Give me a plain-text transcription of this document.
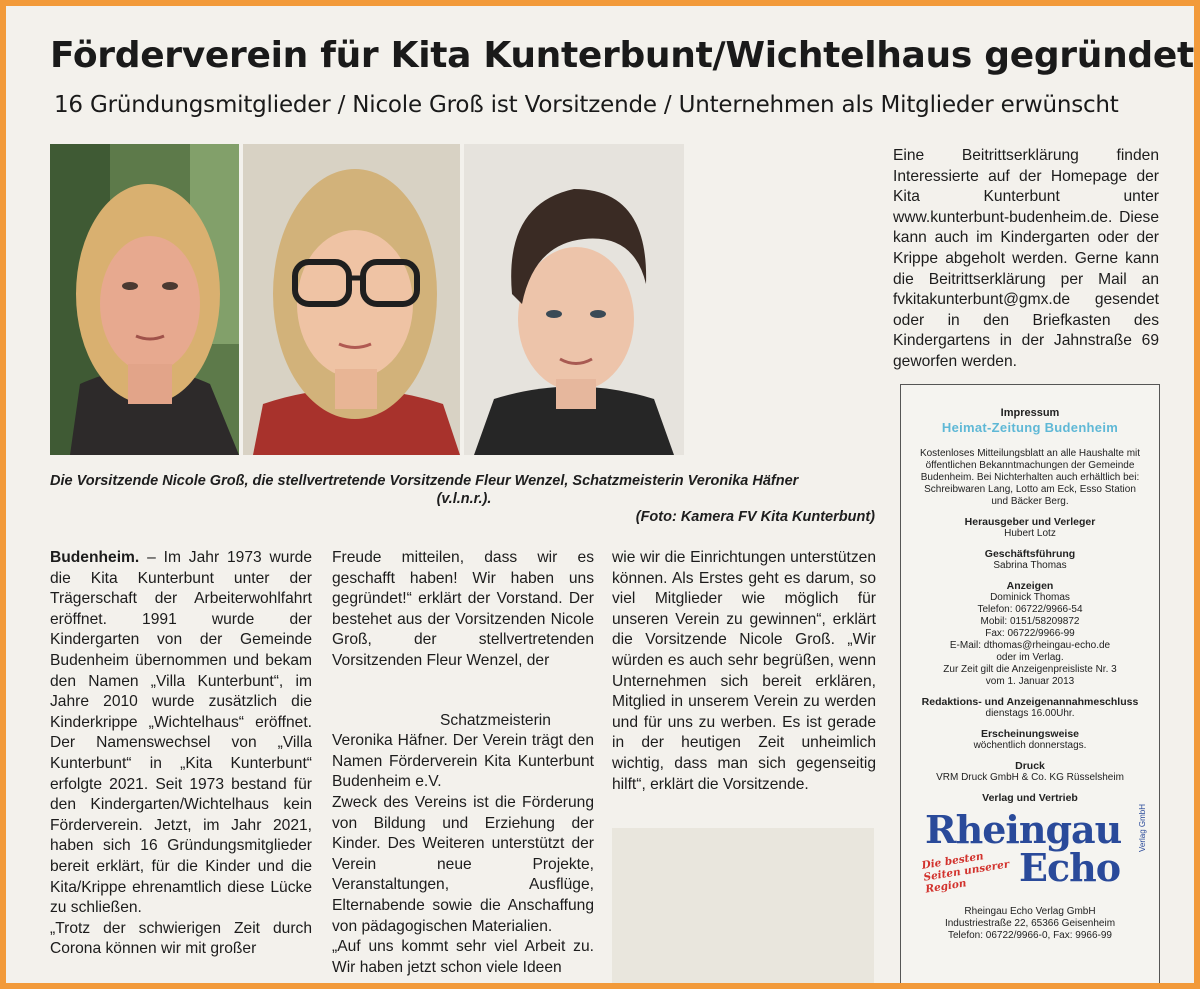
Förderverein für Kita Kunterbunt/Wichtelhaus gegründet
16 Gründungsmitglieder / Nicole Groß ist Vorsitzende / Unternehmen als Mitglieder erwünscht
Die Vorsitzende Nicole Groß, die stellvertretende Vorsitzende Fleur Wenzel, Schatzmeisterin Veronika Häfner
(v.l.n.r.).
(Foto: Kamera FV Kita Kunterbunt)

Budenheim. – Im Jahr 1973 wurde die Kita Kunterbunt unter der Trägerschaft der Arbeiterwohlfahrt eröffnet. 1991 wurde der Kindergarten von der Gemeinde Budenheim übernommen und bekam den Namen „Villa Kunterbunt“, im Jahre 2010 wurde zusätzlich die Kinderkrippe „Wichtelhaus“ eröffnet. Der Namenswechsel von „Villa Kunterbunt“ in „Kita Kunterbunt“ erfolgte 2021. Seit 1973 bestand für den Kindergarten/Wichtelhaus kein Förderverein. Jetzt, im Jahr 2021, haben sich 16 Gründungsmitglieder bereit erklärt, für die Kinder und die Kita/Krippe ehrenamtlich diese Lücke zu schließen.

„Trotz der schwierigen Zeit durch Corona können wir mit großer

Freude mitteilen, dass wir es geschafft haben! Wir haben uns gegründet!“ erklärt der Vorstand. Der bestehet aus der Vorsitzenden Nicole Groß, der stellvertretenden Vorsitzenden Fleur Wenzel, der

Schatzmeisterin Veronika Häfner. Der Verein trägt den Namen Förderverein Kita Kunterbunt Budenheim e.V.

Zweck des Vereins ist die Förderung von Bildung und Erziehung der Kinder. Des Weiteren unterstützt der Verein neue Projekte, Veranstaltungen, Ausflüge, Elternabende sowie die Anschaffung von pädagogischen Materialien.

„Auf uns kommt sehr viel Arbeit zu. Wir haben jetzt schon viele Ideen

wie wir die Einrichtungen unterstützen können. Als Erstes geht es darum, so viel Mitglieder wie möglich für unseren Verein zu gewinnen“, erklärt die Vorsitzende Nicole Groß. „Wir würden es auch sehr begrüßen, wenn Unternehmen sich bereit erklären, Mitglied in unserem Verein zu werden und für uns zu werben. Es ist gerade in der heutigen Zeit unheimlich wichtig, dass man sich gegenseitig hilft“, erklärt die Vorsitzende.

Eine Beitrittserklärung finden Interessierte auf der Homepage der Kita Kunterbunt unter www.kunterbunt-budenheim.de. Diese kann auch im Kindergarten oder der Krippe abgeholt werden. Gerne kann die Beitrittserklärung per Mail an fvkitakunterbunt@gmx.de gesendet oder in den Briefkasten des Kindergartens in der Jahnstraße 69 geworfen werden.
Impressum
Heimat-Zeitung Budenheim
Kostenloses Mitteilungsblatt an alle Haushalte mit öffentlichen Bekanntmachungen der Gemeinde Budenheim. Bei Nichterhalten auch erhältlich bei: Schreibwaren Lang, Lotto am Eck, Esso Station und Bäcker Berg.
Herausgeber und Verleger
Hubert Lotz
Geschäftsführung
Sabrina Thomas
Anzeigen
Dominick Thomas
Telefon: 06722/9966-54
Mobil: 0151/58209872
Fax: 06722/9966-99
E-Mail: dthomas@rheingau-echo.de
oder im Verlag.
Zur Zeit gilt die Anzeigenpreisliste Nr. 3
vom 1. Januar 2013
Redaktions- und Anzeigenannahmeschluss
dienstags 16.00Uhr.
Erscheinungsweise
wöchentlich donnerstags.
Druck
VRM Druck GmbH & Co. KG Rüsselsheim
Verlag und Vertrieb
Rheingau
Echo
Die besten Seiten unserer Region
Verlag GmbH
Rheingau Echo Verlag GmbH
Industriestraße 22, 65366 Geisenheim
Telefon: 06722/9966-0, Fax: 9966-99
